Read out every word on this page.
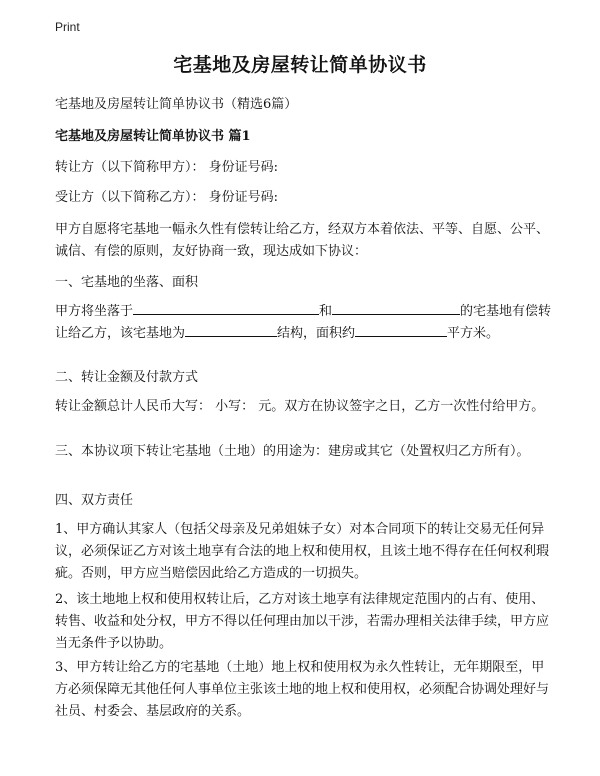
Print
宅基地及房屋转让简单协议书

宅基地及房屋转让简单协议书（精选6篇）

宅基地及房屋转让简单协议书 篇1

转让方（以下简称甲方）： 身份证号码:

受让方（以下简称乙方）： 身份证号码:

甲方自愿将宅基地一幅永久性有偿转让给乙方，经双方本着依法、平等、自愿、公平、诚信、有偿的原则，友好协商一致，现达成如下协议：

一、宅基地的坐落、面积

甲方将坐落于	和	的宅基地有偿转让给乙方，该宅基地为	结构，面积约	平方米。

二、转让金额及付款方式

转让金额总计人民币大写： 小写： 元。双方在协议签字之日，乙方一次性付给甲方。

三、本协议项下转让宅基地（土地）的用途为：建房或其它（处置权归乙方所有）。

四、双方责任

1、甲方确认其家人（包括父母亲及兄弟姐妹子女）对本合同项下的转让交易无任何异议，必须保证乙方对该土地享有合法的地上权和使用权，且该土地不得存在任何权利瑕疵。否则，甲方应当赔偿因此给乙方造成的一切损失。

2、该土地地上权和使用权转让后，乙方对该土地享有法律规定范围内的占有、使用、转售、收益和处分权，甲方不得以任何理由加以干涉，若需办理相关法律手续，甲方应当无条件予以协助。

3、甲方转让给乙方的宅基地（土地）地上权和使用权为永久性转让，无年期限至，甲方必须保障无其他任何人事单位主张该土地的地上权和使用权，必须配合协调处理好与社员、村委会、基层政府的关系。
